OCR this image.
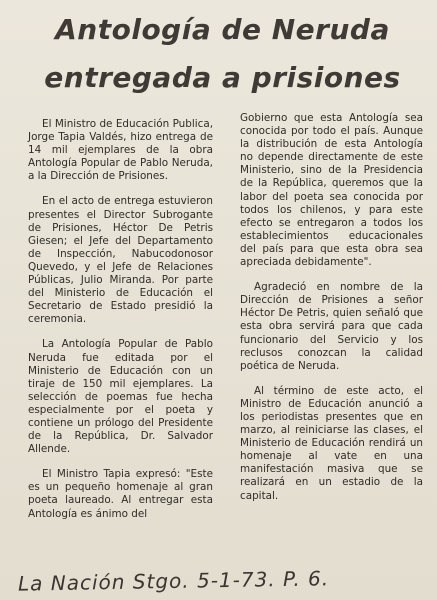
Antología de Neruda
entregada a prisiones

El Ministro de Educación Publica, Jorge Tapia Valdés, hizo entrega de 14 mil ejemplares de la obra Antología Popular de Pablo Neruda, a la Dirección de Prisiones.

En el acto de entrega estuvieron presentes el Director Subrogante de Prisiones, Héctor De Petris Giesen; el Jefe del Departamento de Inspección, Nabucodonosor Quevedo, y el Jefe de Relaciones Públicas, Julio Miranda. Por parte del Ministerio de Educación el Secretario de Estado presidió la ceremonia.

La Antología Popular de Pablo Neruda fue editada por el Ministerio de Educación con un tiraje de 150 mil ejemplares. La selección de poemas fue hecha especialmente por el poeta y contiene un prólogo del Presidente de la República, Dr. Salvador Allende.

El Ministro Tapia expresó: "Este es un pequeño homenaje al gran poeta laureado. Al entregar esta Antología es ánimo del

Gobierno que esta Antología sea conocida por todo el país. Aunque la distribución de esta Antología no depende directamente de este Ministerio, sino de la Presidencia de la República, queremos que la labor del poeta sea conocida por todos los chilenos, y para este efecto se entregaron a todos los establecimientos educacionales del país para que esta obra sea apreciada debidamente".

Agradeció en nombre de la Dirección de Prisiones a señor Héctor De Petris, quien señaló que esta obra servirá para que cada funcionario del Servicio y los reclusos conozcan la calidad poética de Neruda.

Al término de este acto, el Ministro de Educación anunció a los periodistas presentes que en marzo, al reiniciarse las clases, el Ministerio de Educación rendirá un homenaje al vate en una manifestación masiva que se realizará en un estadio de la capital.

La Nación Stgo. 5-1-73. P. 6.
